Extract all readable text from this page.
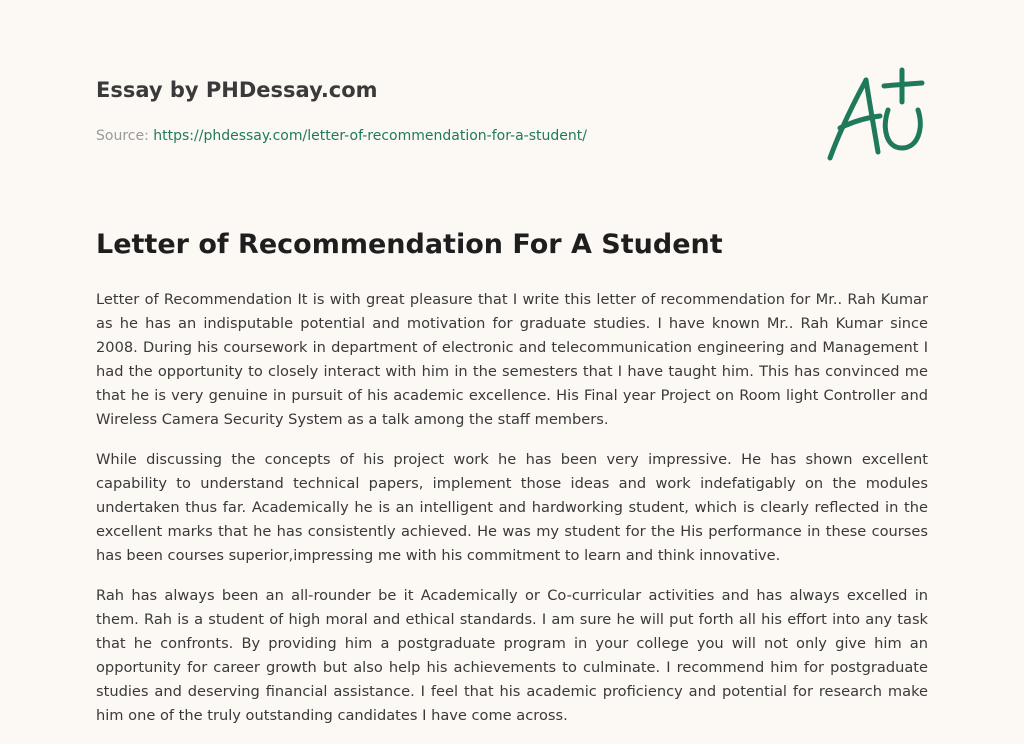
Essay by PHDessay.com
Source: https://phdessay.com/letter-of-recommendation-for-a-student/
Letter of Recommendation For A Student

Letter of Recommendation It is with great pleasure that I write this letter of recommendation for Mr.. Rah Kumar as he has an indisputable potential and motivation for graduate studies. I have known Mr.. Rah Kumar since 2008. During his coursework in department of electronic and telecommunication engineering and Management I had the opportunity to closely interact with him in the semesters that I have taught him. This has convinced me that he is very genuine in pursuit of his academic excellence. His Final year Project on Room light Controller and Wireless Camera Security System as a talk among the staff members.

While discussing the concepts of his project work he has been very impressive. He has shown excellent capability to understand technical papers, implement those ideas and work indefatigably on the modules undertaken thus far. Academically he is an intelligent and hardworking student, which is clearly reflected in the excellent marks that he has consistently achieved. He was my student for the His performance in these courses has been courses superior,impressing me with his commitment to learn and think innovative.

Rah has always been an all-rounder be it Academically or Co-curricular activities and has always excelled in them. Rah is a student of high moral and ethical standards. I am sure he will put forth all his effort into any task that he confronts. By providing him a postgraduate program in your college you will not only give him an opportunity for career growth but also help his achievements to culminate. I recommend him for postgraduate studies and deserving financial assistance. I feel that his academic proficiency and potential for research make him one of the truly outstanding candidates I have come across.
